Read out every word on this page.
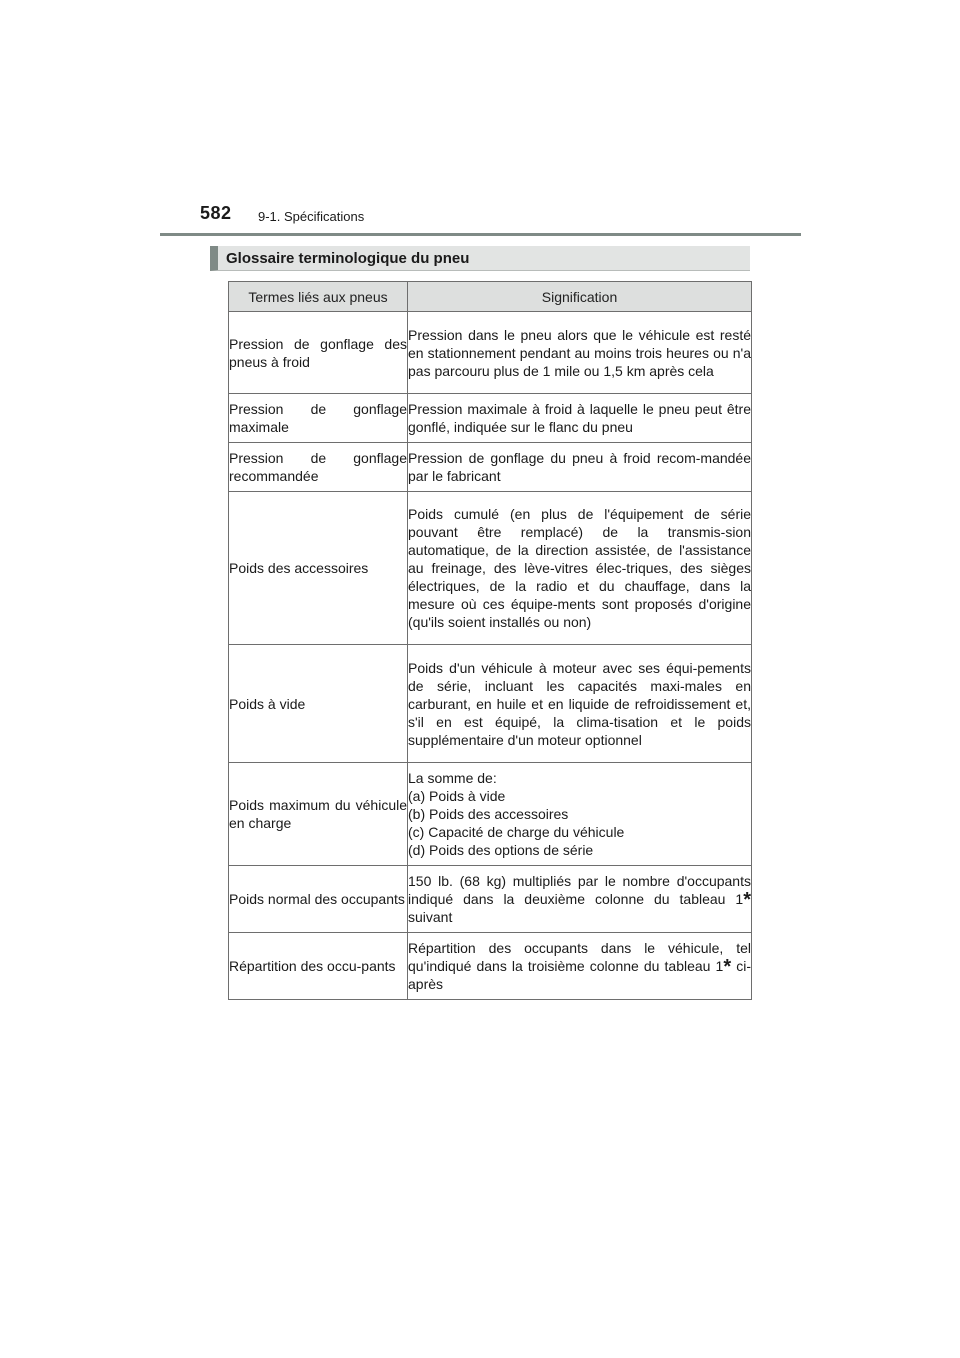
582 9-1. Spécifications
Glossaire terminologique du pneu
Termes liés aux pneus	Signification

Pression de gonflage des pneus à froid	Pression dans le pneu alors que le véhicule est resté en stationnement pendant au moins trois heures ou n'a pas parcouru plus de 1 mile ou 1,5 km après cela

Pression de gonflage maximale	Pression maximale à froid à laquelle le pneu peut être gonflé, indiquée sur le flanc du pneu

Pression de gonflage recommandée	Pression de gonflage du pneu à froid recom-mandée par le fabricant

Poids des accessoires	Poids cumulé (en plus de l'équipement de série pouvant être remplacé) de la transmis-sion automatique, de la direction assistée, de l'assistance au freinage, des lève-vitres élec-triques, des sièges électriques, de la radio et du chauffage, dans la mesure où ces équipe-ments sont proposés d'origine (qu'ils soient installés ou non)

Poids à vide	Poids d'un véhicule à moteur avec ses équi-pements de série, incluant les capacités maxi-males en carburant, en huile et en liquide de refroidissement et, s'il en est équipé, la clima-tisation et le poids supplémentaire d'un moteur optionnel

Poids maximum du véhicule en charge	La somme de:
(a) Poids à vide
(b) Poids des accessoires
(c) Capacité de charge du véhicule
(d) Poids des options de série

Poids normal des occupants	150 lb. (68 kg) multipliés par le nombre d'occupants indiqué dans la deuxième colonne du tableau 1* suivant

Répartition des occu-pants	Répartition des occupants dans le véhicule, tel qu'indiqué dans la troisième colonne du tableau 1* ci-après
